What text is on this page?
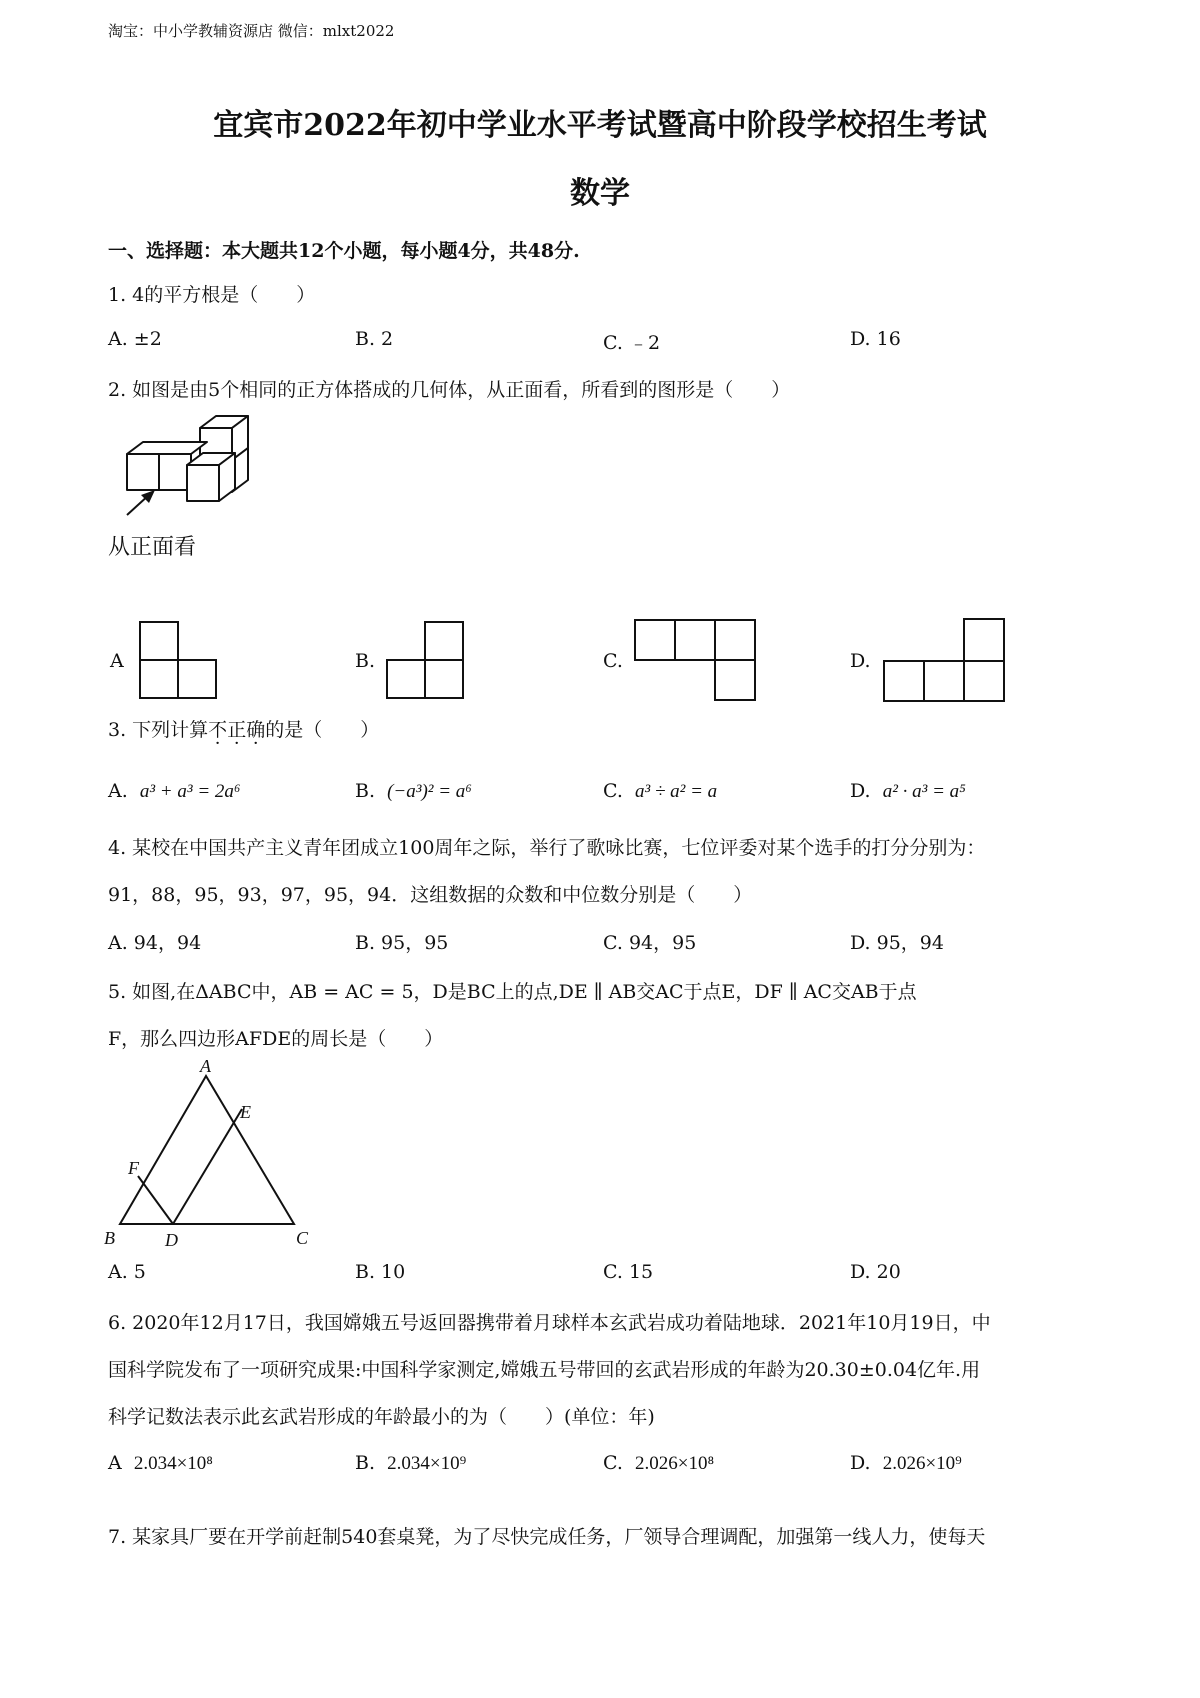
淘宝：中小学教辅资源店 微信：mlxt2022
宜宾市2022年初中学业水平考试暨高中阶段学校招生考试
数学
一、选择题：本大题共12个小题，每小题4分，共48分.
1. 4的平方根是（　　）
A. ±2	B. 2	C. ﹣2	D. 16
2. 如图是由5个相同的正方体搭成的几何体，从正面看，所看到的图形是（　　）
从正面看
A	B.	C.	D.
3. 下列计算不正确的是（　　）
A. a³ + a³ = 2a⁶	B. (−a³)² = a⁶	C. a³ ÷ a² = a	D. a² · a³ = a⁵
4. 某校在中国共产主义青年团成立100周年之际，举行了歌咏比赛，七位评委对某个选手的打分分别为：
91，88，95，93，97，95，94．这组数据的众数和中位数分别是（　　）
A. 94，94	B. 95，95	C. 94，95	D. 95，94
5. 如图,在ΔABC中，AB = AC = 5，D是BC上的点,DE ∥ AB交AC于点E，DF ∥ AC交AB于点
F，那么四边形AFDE的周长是（　　）
A
B	C
D
E
F
A. 5	B. 10	C. 15	D. 20
6. 2020年12月17日，我国嫦娥五号返回器携带着月球样本玄武岩成功着陆地球．2021年10月19日，中
国科学院发布了一项研究成果:中国科学家测定,嫦娥五号带回的玄武岩形成的年龄为20.30±0.04亿年.用
科学记数法表示此玄武岩形成的年龄最小的为（　　）(单位：年)
A 2.034×10⁸	B. 2.034×10⁹	C. 2.026×10⁸	D. 2.026×10⁹
7. 某家具厂要在开学前赶制540套桌凳，为了尽快完成任务，厂领导合理调配，加强第一线人力，使每天
